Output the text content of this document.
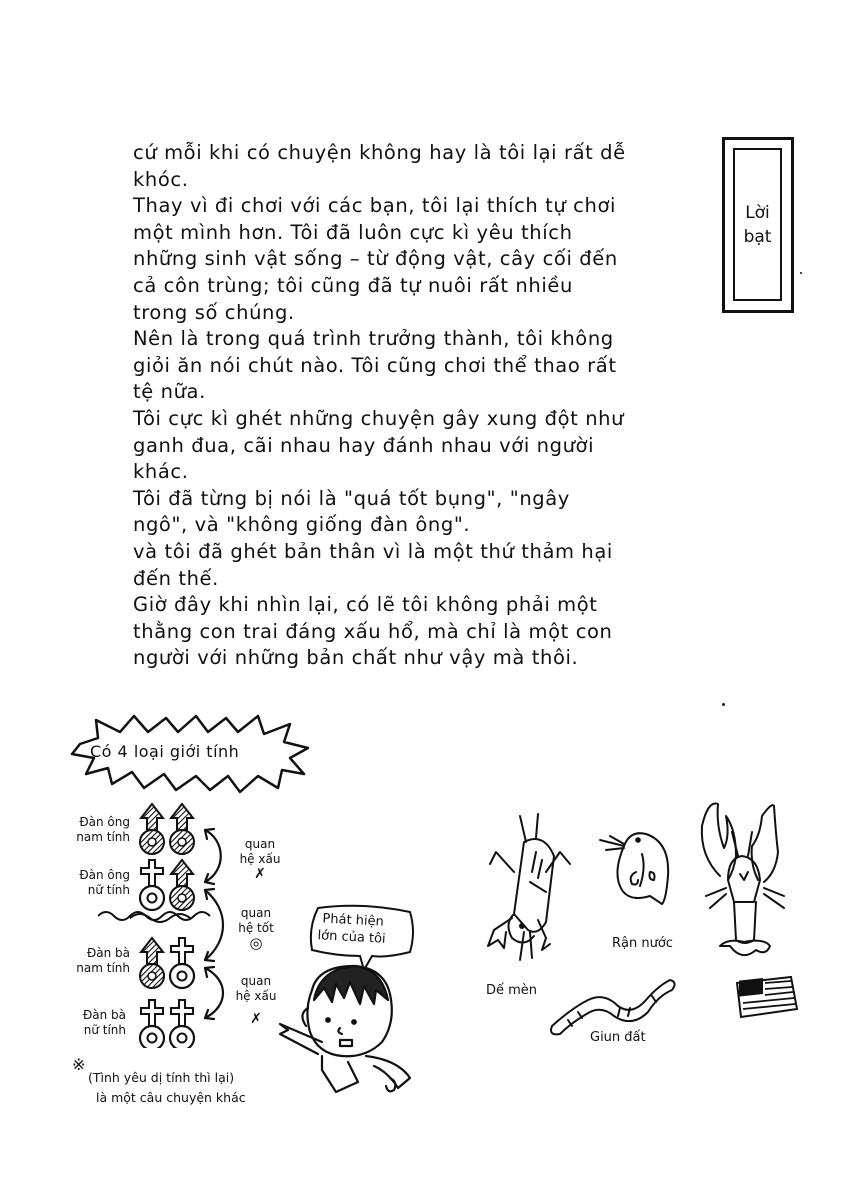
cứ mỗi khi có chuyện không hay là tôi lại rất dễ
khóc.
Thay vì đi chơi với các bạn, tôi lại thích tự chơi
một mình hơn. Tôi đã luôn cực kì yêu thích
những sinh vật sống – từ động vật, cây cối đến
cả côn trùng; tôi cũng đã tự nuôi rất nhiều
trong số chúng.
Nên là trong quá trình trưởng thành, tôi không
giỏi ăn nói chút nào. Tôi cũng chơi thể thao rất
tệ nữa.
Tôi cực kì ghét những chuyện gây xung đột như
ganh đua, cãi nhau hay đánh nhau với người
khác.
Tôi đã từng bị nói là "quá tốt bụng", "ngây
ngô", và "không giống đàn ông".
và tôi đã ghét bản thân vì là một thứ thảm hại
đến thế.
Giờ đây khi nhìn lại, có lẽ tôi không phải một
thằng con trai đáng xấu hổ, mà chỉ là một con
người với những bản chất như vậy mà thôi.
Lời
bạt
Có 4 loại giới tính
Đàn ông
nam tính
Đàn ông
nữ tính
Đàn bà
nam tính
Đàn bà
nữ tính
quan
hệ xấu
✗
quan
hệ tốt
◎
quan
hệ xấu
✗
※
(Tình yêu dị tính thì lại)
là một câu chuyện khác
Phát hiện
lớn của tôi
Dế mèn
Rận nước
Giun đất
